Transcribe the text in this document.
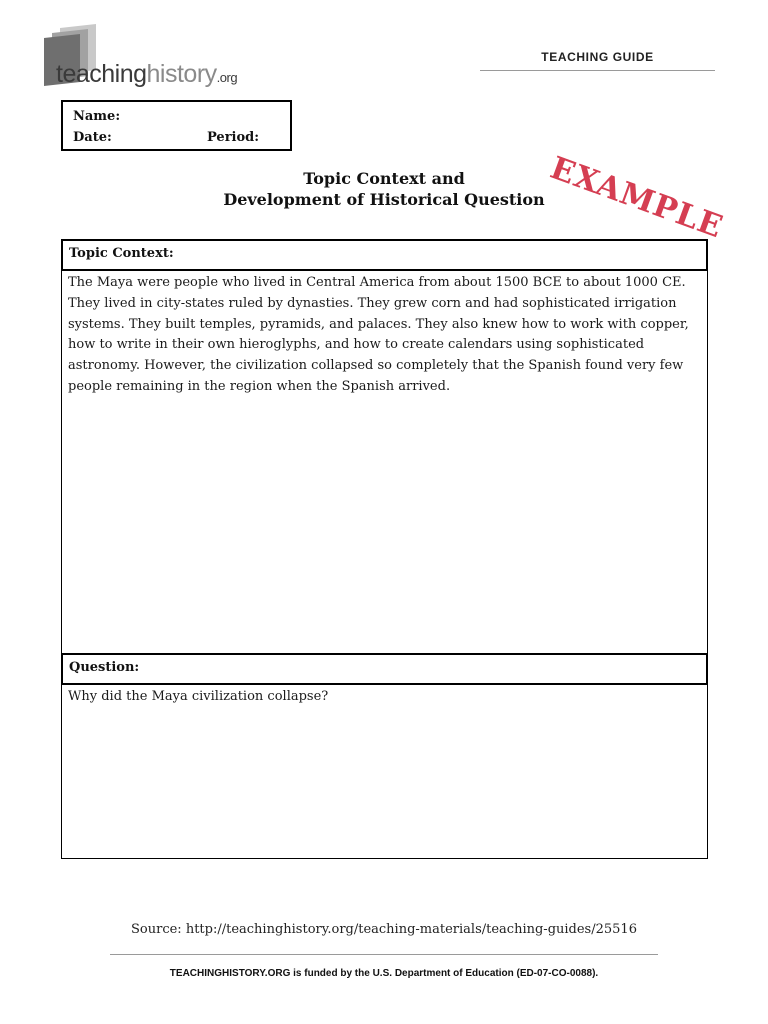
teachinghistory.org
TEACHING GUIDE
Name:
Date:	Period:
Topic Context and
Development of Historical Question EXAMPLE
Topic Context:
The Maya were people who lived in Central America from about 1500 BCE to about 1000 CE. They lived in city-states ruled by dynasties. They grew corn and had sophisticated irrigation systems. They built temples, pyramids, and palaces. They also knew how to work with copper, how to write in their own hieroglyphs, and how to create calendars using sophisticated astronomy. However, the civilization collapsed so completely that the Spanish found very few people remaining in the region when the Spanish arrived.
Question:
Why did the Maya civilization collapse?
Source: http://teachinghistory.org/teaching-materials/teaching-guides/25516
TEACHINGHISTORY.ORG is funded by the U.S. Department of Education (ED-07-CO-0088).
